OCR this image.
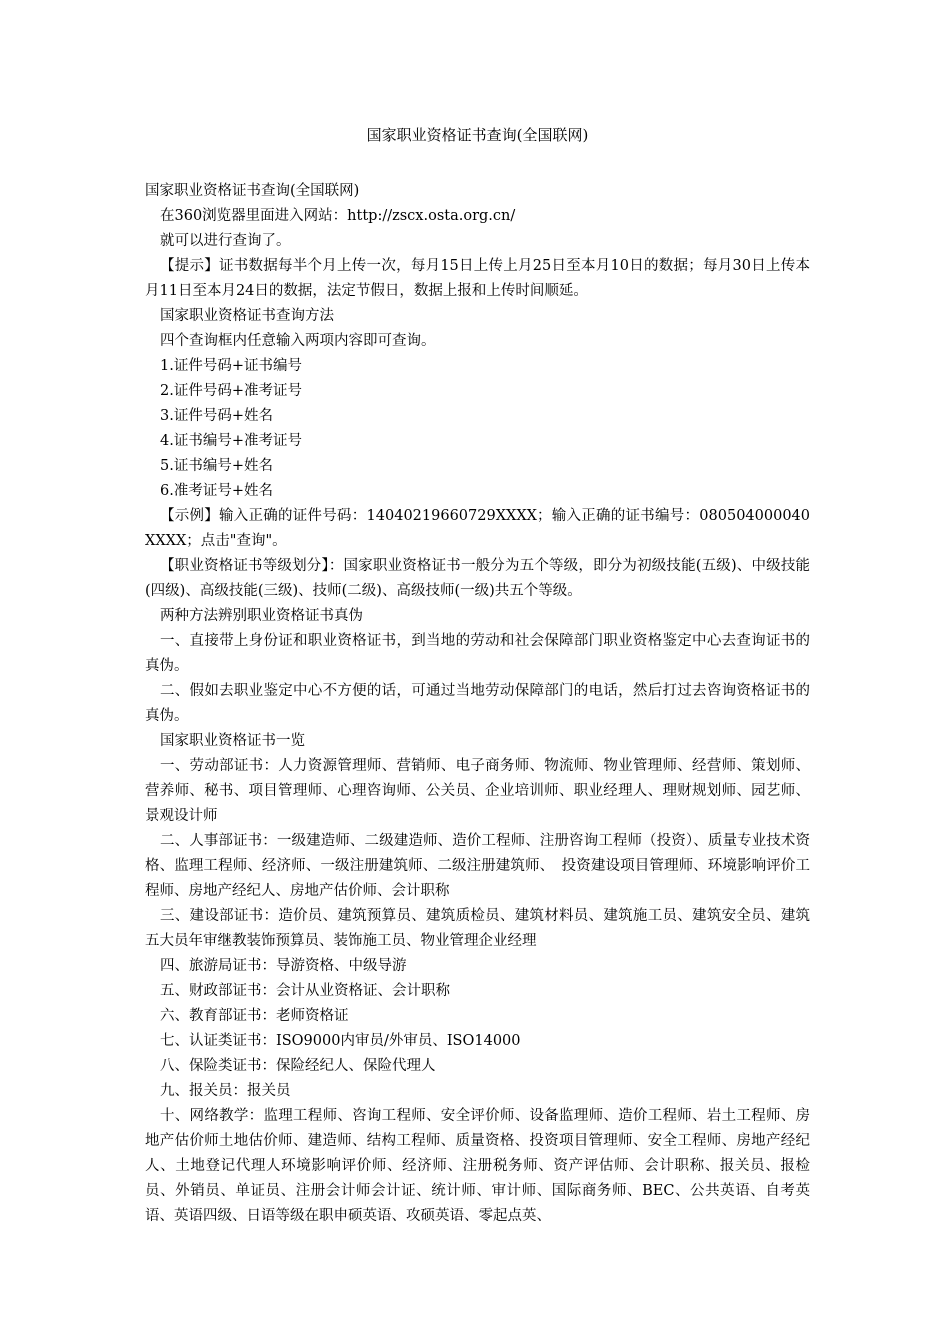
国家职业资格证书查询(全国联网)

国家职业资格证书查询(全国联网)

在360浏览器里面进入网站：http://zscx.osta.org.cn/

就可以进行查询了。

【提示】证书数据每半个月上传一次，每月15日上传上月25日至本月10日的数据；每月30日上传本月11日至本月24日的数据，法定节假日，数据上报和上传时间顺延。

国家职业资格证书查询方法

四个查询框内任意输入两项内容即可查询。

1.证件号码+证书编号

2.证件号码+准考证号

3.证件号码+姓名

4.证书编号+准考证号

5.证书编号+姓名

6.准考证号+姓名

【示例】输入正确的证件号码：14040219660729XXXX；输入正确的证书编号：080504000040XXXX；点击"查询"。

【职业资格证书等级划分】：国家职业资格证书一般分为五个等级，即分为初级技能(五级)、中级技能(四级)、高级技能(三级)、技师(二级)、高级技师(一级)共五个等级。

两种方法辨别职业资格证书真伪

一、直接带上身份证和职业资格证书，到当地的劳动和社会保障部门职业资格鉴定中心去查询证书的真伪。

二、假如去职业鉴定中心不方便的话，可通过当地劳动保障部门的电话，然后打过去咨询资格证书的真伪。

国家职业资格证书一览

一、劳动部证书：人力资源管理师、营销师、电子商务师、物流师、物业管理师、经营师、策划师、营养师、秘书、项目管理师、心理咨询师、公关员、企业培训师、职业经理人、理财规划师、园艺师、景观设计师

二、人事部证书：一级建造师、二级建造师、造价工程师、注册咨询工程师（投资）、质量专业技术资格、监理工程师、经济师、一级注册建筑师、二级注册建筑师、　投资建设项目管理师、环境影响评价工程师、房地产经纪人、房地产估价师、会计职称

三、建设部证书：造价员、建筑预算员、建筑质检员、建筑材料员、建筑施工员、建筑安全员、建筑五大员年审继教装饰预算员、装饰施工员、物业管理企业经理

四、旅游局证书：导游资格、中级导游

五、财政部证书：会计从业资格证、会计职称

六、教育部证书：老师资格证

七、认证类证书：ISO9000内审员/外审员、ISO14000

八、保险类证书：保险经纪人、保险代理人

九、报关员：报关员

十、网络教学：监理工程师、咨询工程师、安全评价师、设备监理师、造价工程师、岩土工程师、房地产估价师土地估价师、建造师、结构工程师、质量资格、投资项目管理师、安全工程师、房地产经纪人、土地登记代理人环境影响评价师、经济师、注册税务师、资产评估师、会计职称、报关员、报检员、外销员、单证员、注册会计师会计证、统计师、审计师、国际商务师、BEC、公共英语、自考英语、英语四级、日语等级在职申硕英语、攻硕英语、零起点英、
